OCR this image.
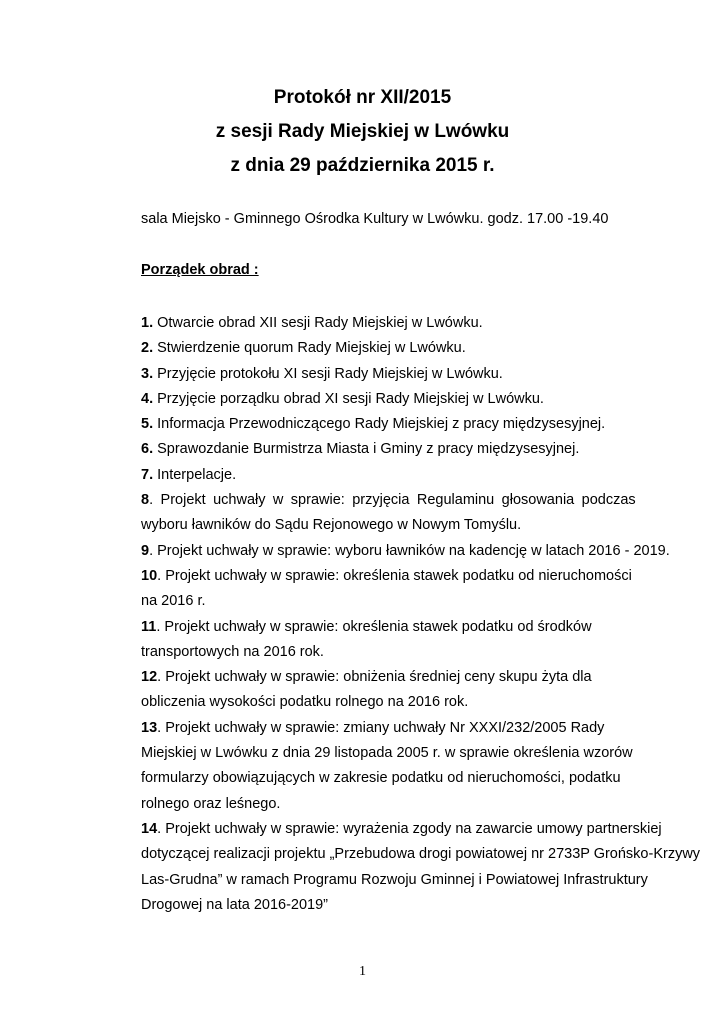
Protokół nr XII/2015
z sesji Rady Miejskiej w Lwówku
z dnia 29 października 2015 r.
sala Miejsko - Gminnego Ośrodka Kultury w Lwówku. godz. 17.00 -19.40
Porządek obrad :
1. Otwarcie obrad XII sesji Rady Miejskiej w Lwówku.
2. Stwierdzenie quorum Rady Miejskiej w Lwówku.
3. Przyjęcie protokołu XI sesji Rady Miejskiej w Lwówku.
4. Przyjęcie porządku obrad XI sesji Rady Miejskiej w Lwówku.
5. Informacja Przewodniczącego Rady Miejskiej z pracy międzysesyjnej.
6. Sprawozdanie Burmistrza Miasta i Gminy z pracy międzysesyjnej.
7. Interpelacje.
8. Projekt uchwały w sprawie: przyjęcia Regulaminu głosowania podczas
wyboru ławników do Sądu Rejonowego w Nowym Tomyślu.
9. Projekt uchwały w sprawie: wyboru ławników na kadencję w latach 2016 - 2019.
10. Projekt uchwały w sprawie: określenia stawek podatku od nieruchomości
na 2016 r.
11. Projekt uchwały w sprawie: określenia stawek podatku od środków
transportowych na 2016 rok.
12. Projekt uchwały w sprawie: obniżenia średniej ceny skupu żyta dla
obliczenia wysokości podatku rolnego na 2016 rok.
13. Projekt uchwały w sprawie: zmiany uchwały Nr XXXI/232/2005 Rady
Miejskiej w Lwówku z dnia 29 listopada 2005 r. w sprawie określenia wzorów
formularzy obowiązujących w zakresie podatku od nieruchomości, podatku
rolnego oraz leśnego.
14. Projekt uchwały w sprawie: wyrażenia zgody na zawarcie umowy partnerskiej
dotyczącej realizacji projektu „Przebudowa drogi powiatowej nr 2733P Grońsko-Krzywy
Las-Grudna” w ramach Programu Rozwoju Gminnej i Powiatowej Infrastruktury
Drogowej na lata 2016-2019”
1
